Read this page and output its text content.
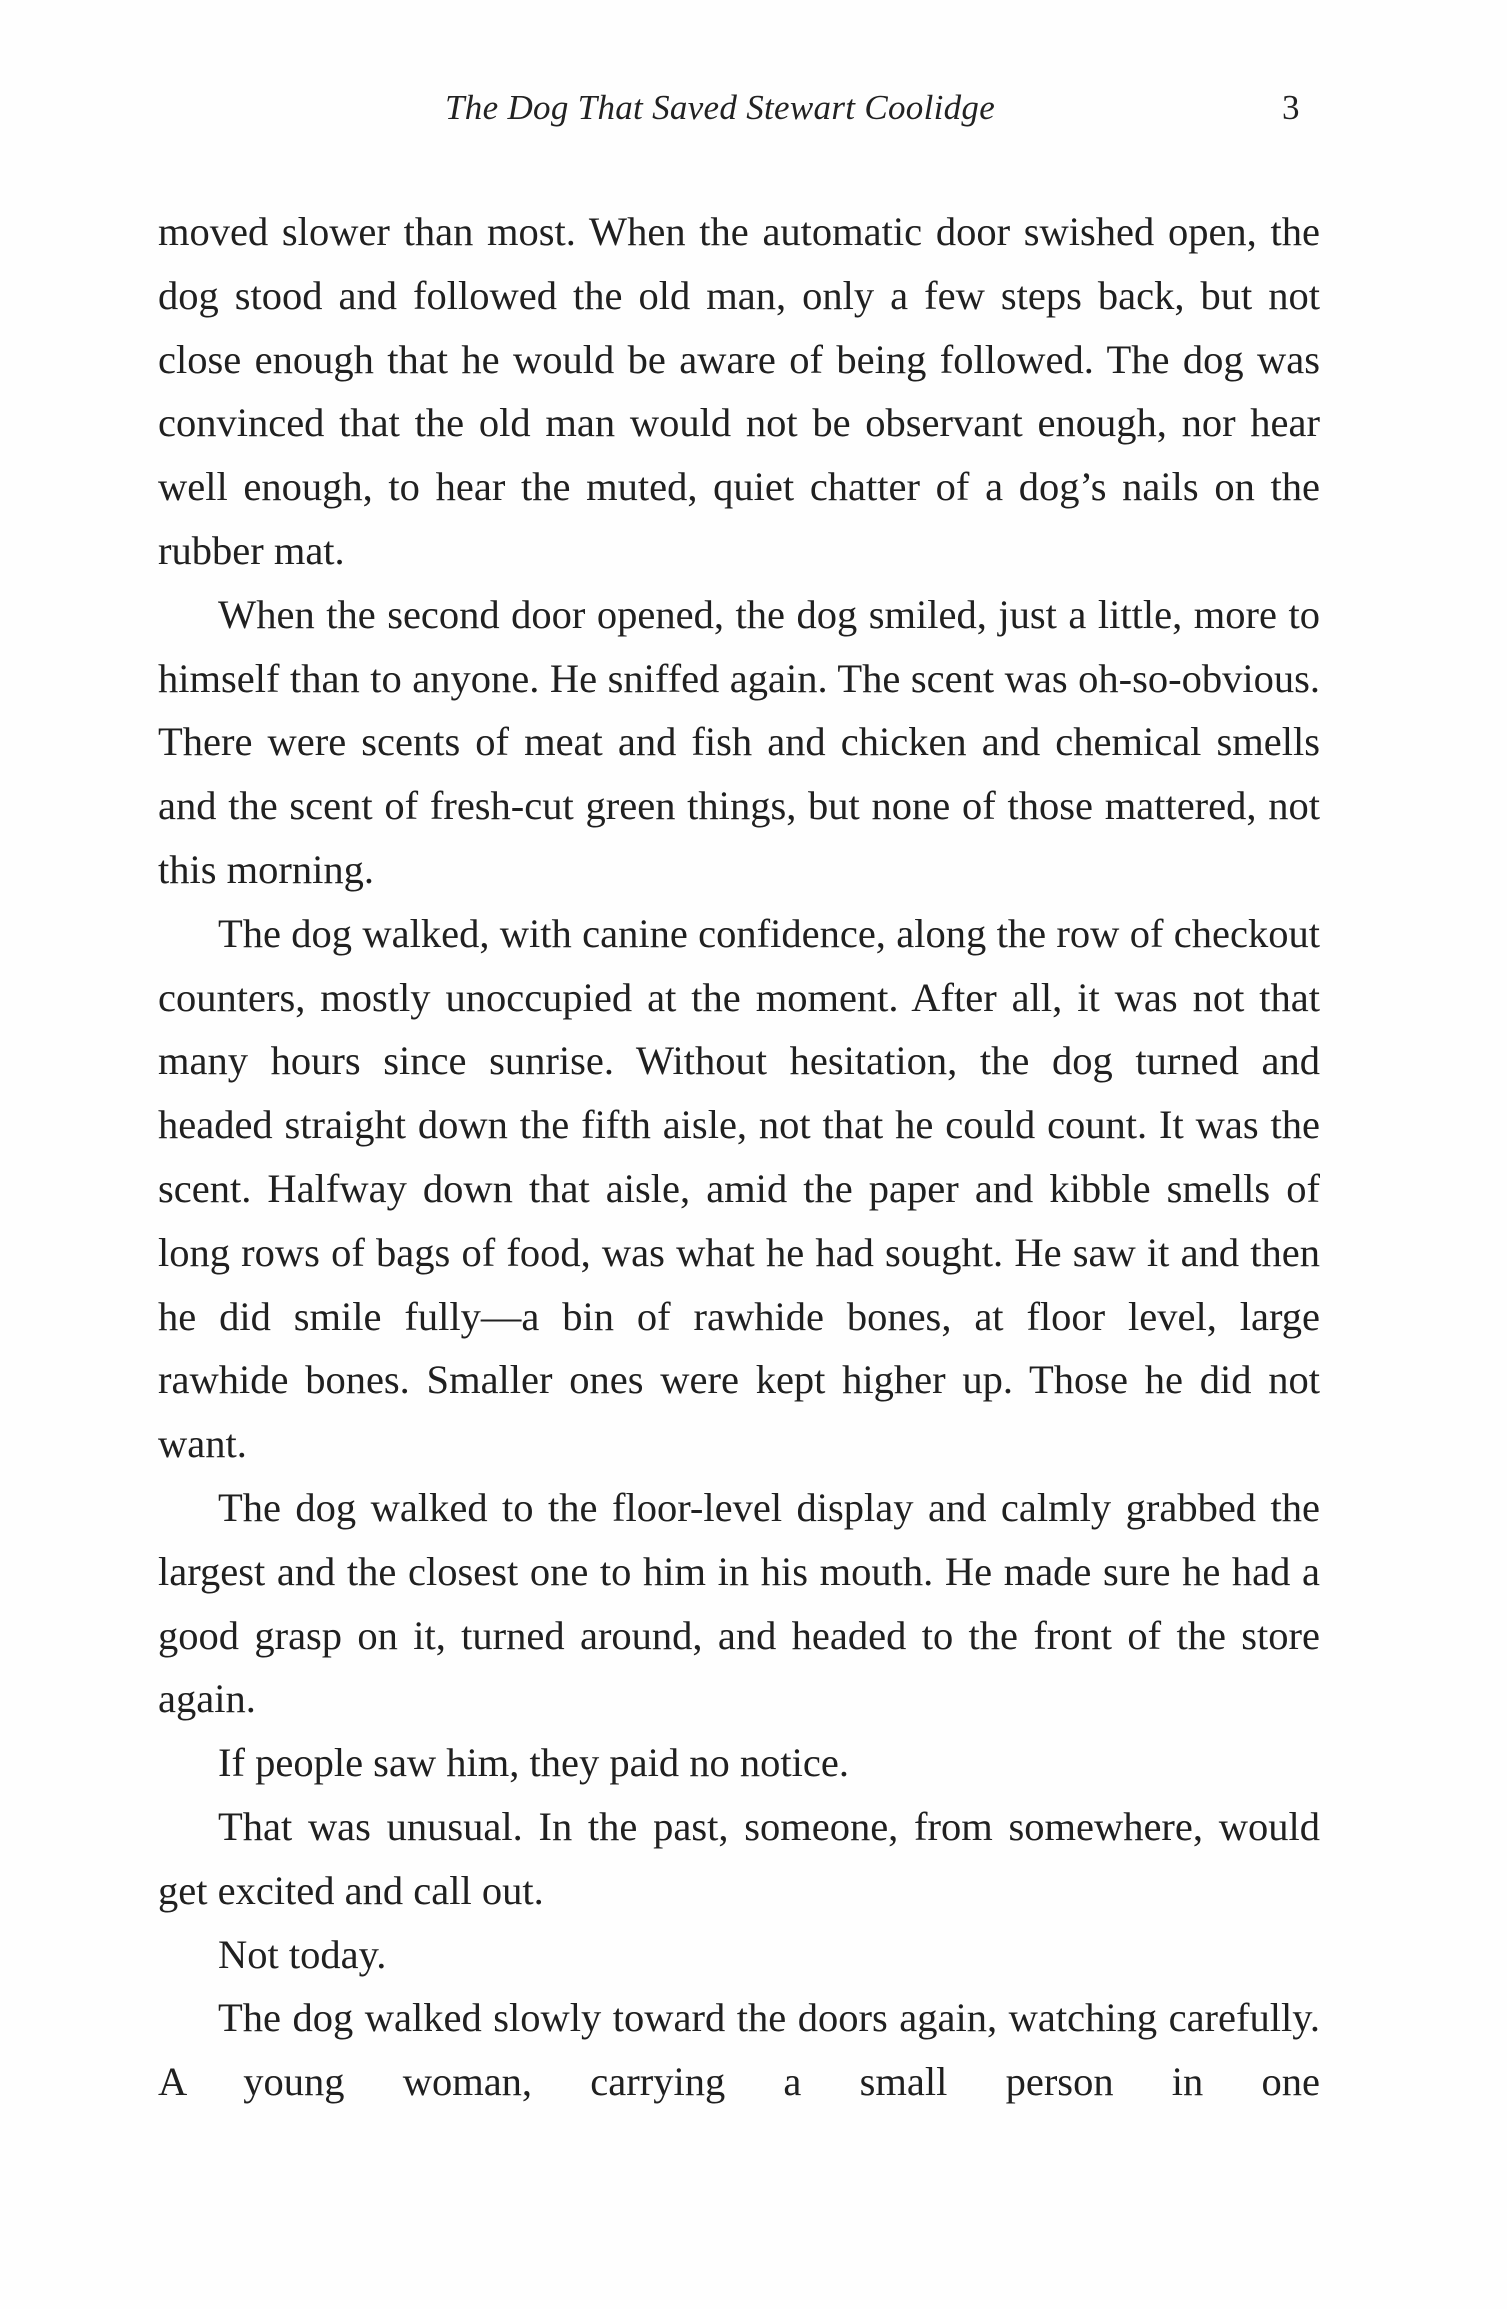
The Dog That Saved Stewart Coolidge	3

moved slower than most. When the automatic door swished open, the dog stood and followed the old man, only a few steps back, but not close enough that he would be aware of being followed. The dog was convinced that the old man would not be observant enough, nor hear well enough, to hear the muted, quiet chatter of a dog’s nails on the rubber mat.

When the second door opened, the dog smiled, just a little, more to himself than to anyone. He sniffed again. The scent was oh-so-obvious. There were scents of meat and fish and chicken and chemical smells and the scent of fresh-cut green things, but none of those mattered, not this morning.

The dog walked, with canine confidence, along the row of checkout counters, mostly unoccupied at the moment. After all, it was not that many hours since sunrise. Without hesitation, the dog turned and headed straight down the fifth aisle, not that he could count. It was the scent. Halfway down that aisle, amid the paper and kibble smells of long rows of bags of food, was what he had sought. He saw it and then he did smile fully—a bin of rawhide bones, at floor level, large rawhide bones. Smaller ones were kept higher up. Those he did not want.

The dog walked to the floor-level display and calmly grabbed the largest and the closest one to him in his mouth. He made sure he had a good grasp on it, turned around, and headed to the front of the store again.

If people saw him, they paid no notice.

That was unusual. In the past, someone, from somewhere, would get excited and call out.

Not today.

The dog walked slowly toward the doors again, watching carefully. A young woman, carrying a small person in one
